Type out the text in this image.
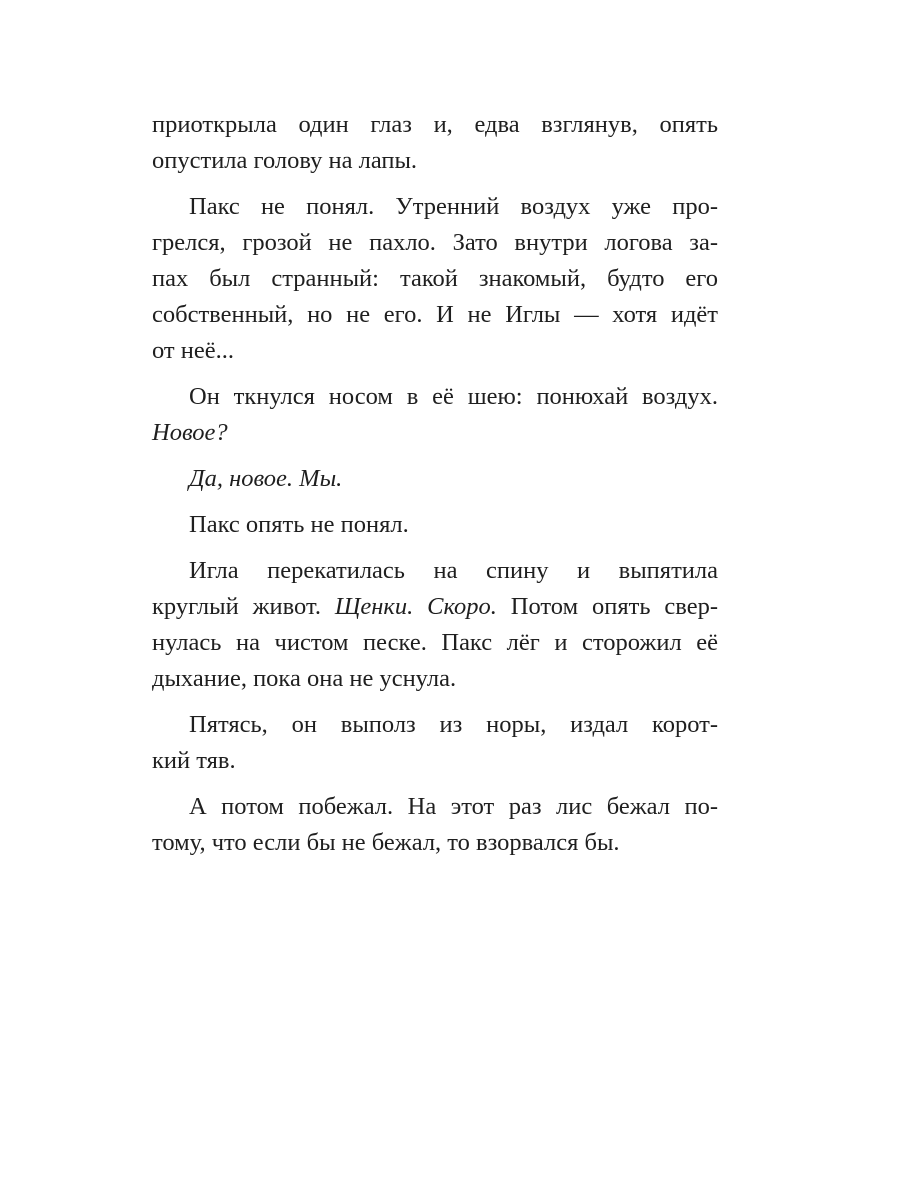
приоткрыла один глаз и, едва взглянув, опять
опустила голову на лапы.
Пакс не понял. Утренний воздух уже про-
грелся, грозой не пахло. Зато внутри логова за-
пах был странный: такой знакомый, будто его
собственный, но не его. И не Иглы — хотя идёт
от неё...
Он ткнулся носом в её шею: понюхай воздух.
Новое?
Да, новое. Мы.
Пакс опять не понял.
Игла перекатилась на спину и выпятила
круглый живот. Щенки. Скоро. Потом опять свер-
нулась на чистом песке. Пакс лёг и сторожил её
дыхание, пока она не уснула.
Пятясь, он выполз из норы, издал корот-
кий тяв.
А потом побежал. На этот раз лис бежал по-
тому, что если бы не бежал, то взорвался бы.
